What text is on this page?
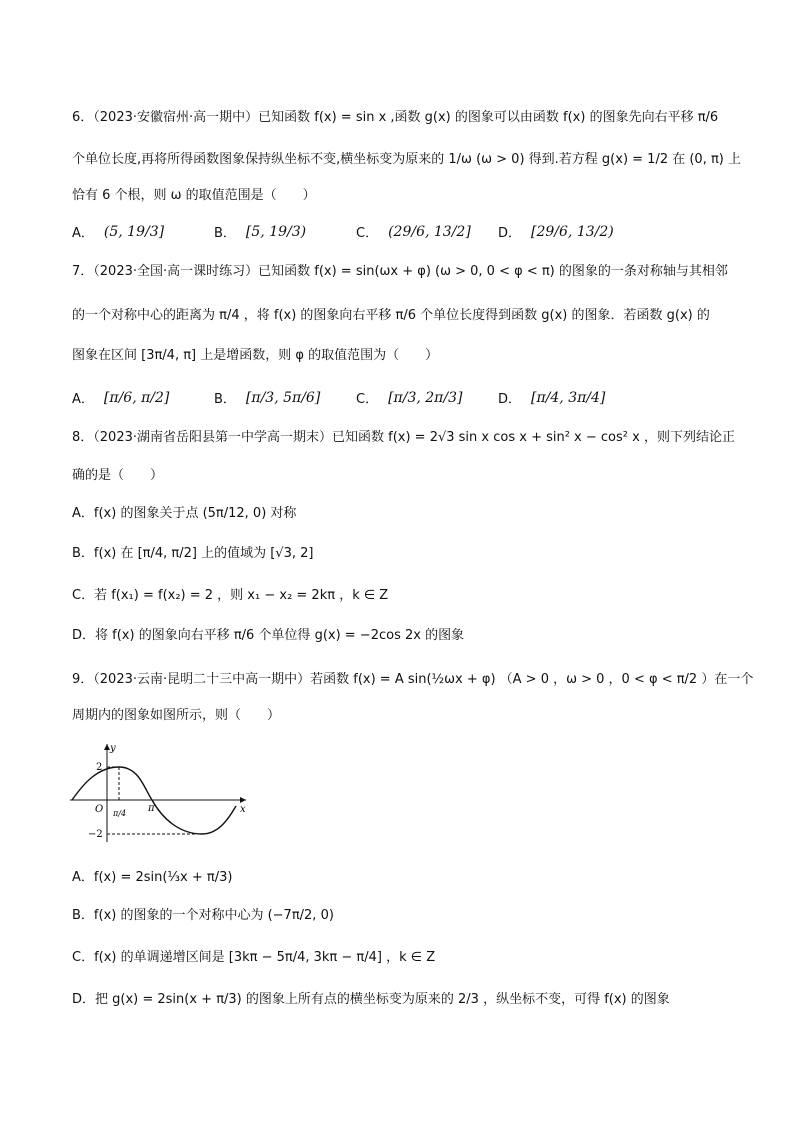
6．（2023·安徽宿州·高一期中）已知函数 f(x) = sin x ,函数 g(x) 的图象可以由函数 f(x) 的图象先向右平移 π/6
个单位长度,再将所得函数图象保持纵坐标不变,横坐标变为原来的 1/ω (ω > 0) 得到.若方程 g(x) = 1/2 在 (0, π) 上
恰有 6 个根，则 ω 的取值范围是（　　）
A． (5, 19/3]	B． [5, 19/3)	C． (29/6, 13/2] D． [29/6, 13/2)
7．（2023·全国·高一课时练习）已知函数 f(x) = sin(ωx + φ) (ω > 0, 0 < φ < π) 的图象的一条对称轴与其相邻
的一个对称中心的距离为 π/4 ，将 f(x) 的图象向右平移 π/6 个单位长度得到函数 g(x) 的图象．若函数 g(x) 的
图象在区间 [3π/4, π] 上是增函数，则 φ 的取值范围为（　　）
A． [π/6, π/2]	B． [π/3, 5π/6]	C． [π/3, 2π/3]	D． [π/4, 3π/4]
8．（2023·湖南省岳阳县第一中学高一期末）已知函数 f(x) = 2√3 sin x cos x + sin² x − cos² x ，则下列结论正
确的是（　　）
A．f(x) 的图象关于点 (5π/12, 0) 对称
B．f(x) 在 [π/4, π/2] 上的值域为 [√3, 2]
C．若 f(x₁) = f(x₂) = 2 ，则 x₁ − x₂ = 2kπ ，k ∈ Z
D．将 f(x) 的图象向右平移 π/6 个单位得 g(x) = −2cos 2x 的图象
9．（2023·云南·昆明二十三中高一期中）若函数 f(x) = A sin(½ωx + φ) （A > 0 ，ω > 0 ，0 < φ < π/2 ）在一个
周期内的图象如图所示，则（　　）
y
x
O
2
−2
π/4 π
A．f(x) = 2sin(⅓x + π/3)
B．f(x) 的图象的一个对称中心为 (−7π/2, 0)
C．f(x) 的单调递增区间是 [3kπ − 5π/4, 3kπ − π/4] ，k ∈ Z
D．把 g(x) = 2sin(x + π/3) 的图象上所有点的横坐标变为原来的 2/3 ，纵坐标不变，可得 f(x) 的图象
